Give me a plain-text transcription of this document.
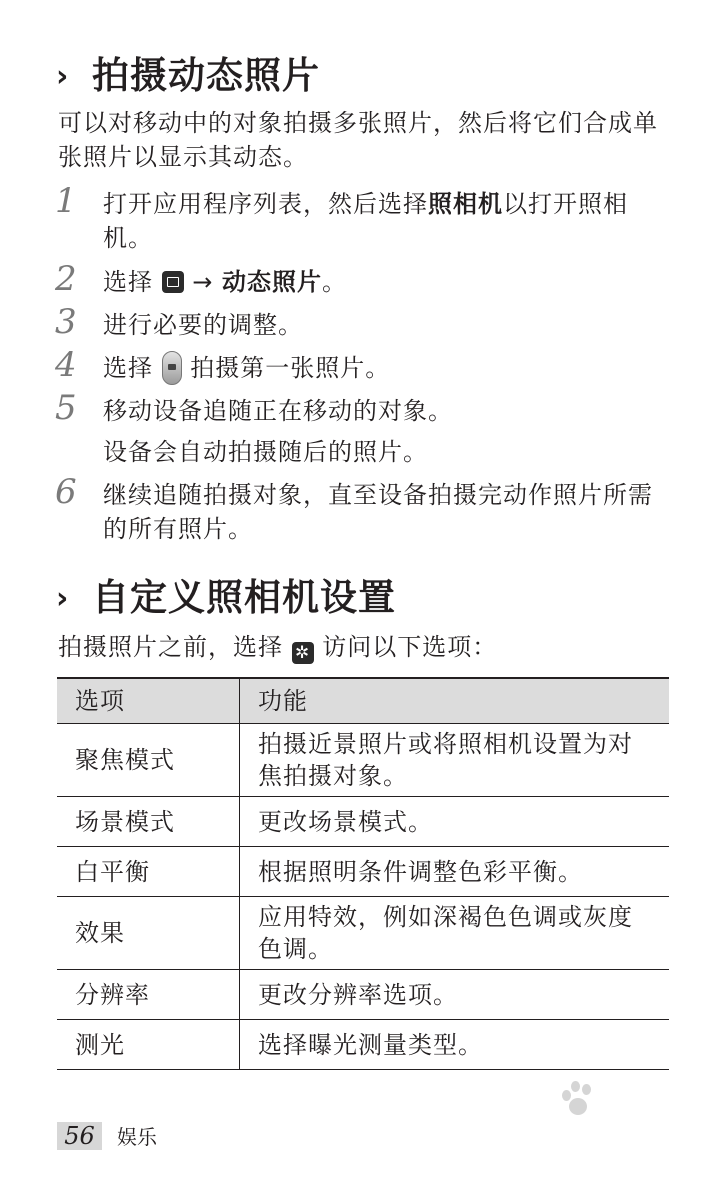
› 拍摄动态照片

可以对移动中的对象拍摄多张照片，然后将它们合成单张照片以显示其动态。

1 打开应用程序列表，然后选择照相机以打开照相机。
2 选择  → 动态照片。
3 进行必要的调整。
4 选择  拍摄第一张照片。
5 移动设备追随正在移动的对象。
设备会自动拍摄随后的照片。
6 继续追随拍摄对象，直至设备拍摄完动作照片所需的所有照片。
› 自定义照相机设置

拍摄照片之前，选择 ✲ 访问以下选项：

选项	功能
聚焦模式	拍摄近景照片或将照相机设置为对焦拍摄对象。
场景模式	更改场景模式。
白平衡	根据照明条件调整色彩平衡。
效果	应用特效，例如深褐色色调或灰度色调。
分辨率	更改分辨率选项。
测光	选择曝光测量类型。
56	娱乐
